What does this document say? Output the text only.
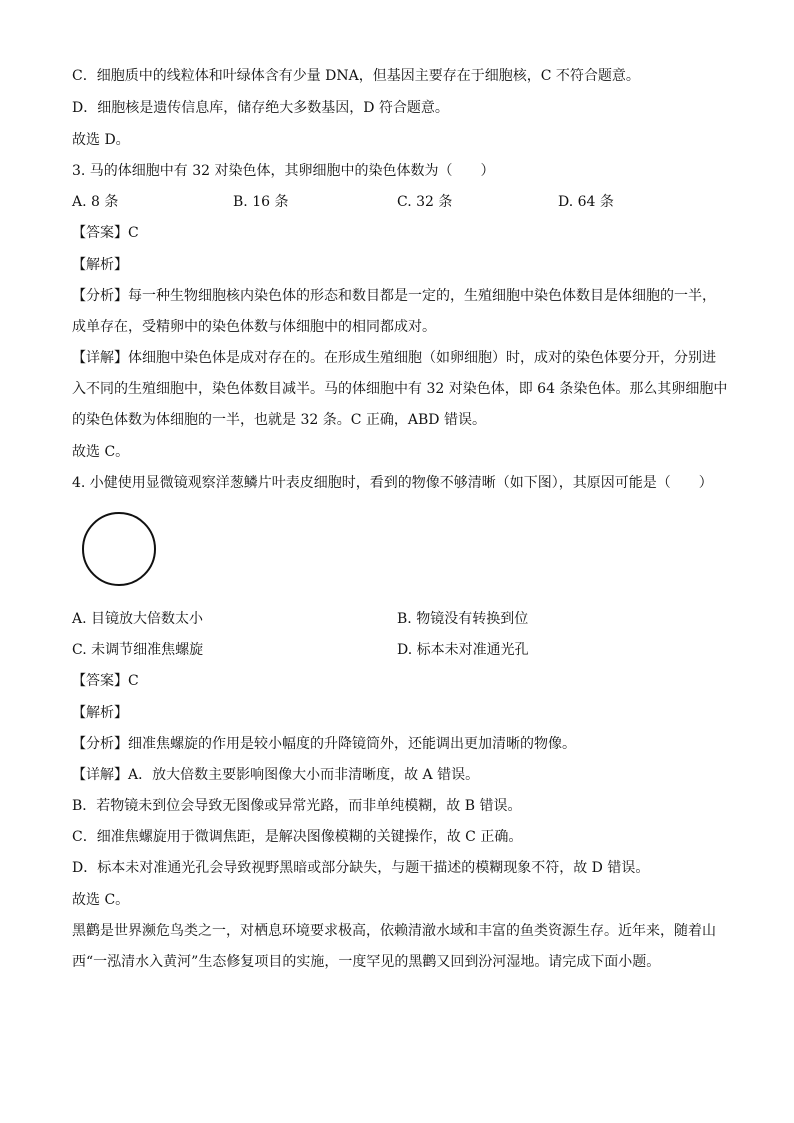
C．细胞质中的线粒体和叶绿体含有少量 DNA，但基因主要存在于细胞核，C 不符合题意。
D．细胞核是遗传信息库，储存绝大多数基因，D 符合题意。
故选 D。
3. 马的体细胞中有 32 对染色体，其卵细胞中的染色体数为（　　）
A. 8 条	B. 16 条	C. 32 条	D. 64 条
【答案】C
【解析】
【分析】每一种生物细胞核内染色体的形态和数目都是一定的，生殖细胞中染色体数目是体细胞的一半，
成单存在，受精卵中的染色体数与体细胞中的相同都成对。
【详解】体细胞中染色体是成对存在的。在形成生殖细胞（如卵细胞）时，成对的染色体要分开，分别进
入不同的生殖细胞中，染色体数目减半。马的体细胞中有 32 对染色体，即 64 条染色体。那么其卵细胞中
的染色体数为体细胞的一半，也就是 32 条。C 正确，ABD 错误。
故选 C。
4. 小健使用显微镜观察洋葱鳞片叶表皮细胞时，看到的物像不够清晰（如下图），其原因可能是（　　）
A. 目镜放大倍数太小	B. 物镜没有转换到位
C. 未调节细准焦螺旋	D. 标本未对准通光孔
【答案】C
【解析】
【分析】细准焦螺旋的作用是较小幅度的升降镜筒外，还能调出更加清晰的物像。
【详解】A．放大倍数主要影响图像大小而非清晰度，故 A 错误。
B．若物镜未到位会导致无图像或异常光路，而非单纯模糊，故 B 错误。
C．细准焦螺旋用于微调焦距，是解决图像模糊的关键操作，故 C 正确。
D．标本未对准通光孔会导致视野黑暗或部分缺失，与题干描述的模糊现象不符，故 D 错误。
故选 C。
黑鹳是世界濒危鸟类之一，对栖息环境要求极高，依赖清澈水域和丰富的鱼类资源生存。近年来，随着山
西“一泓清水入黄河”生态修复项目的实施，一度罕见的黑鹳又回到汾河湿地。请完成下面小题。
